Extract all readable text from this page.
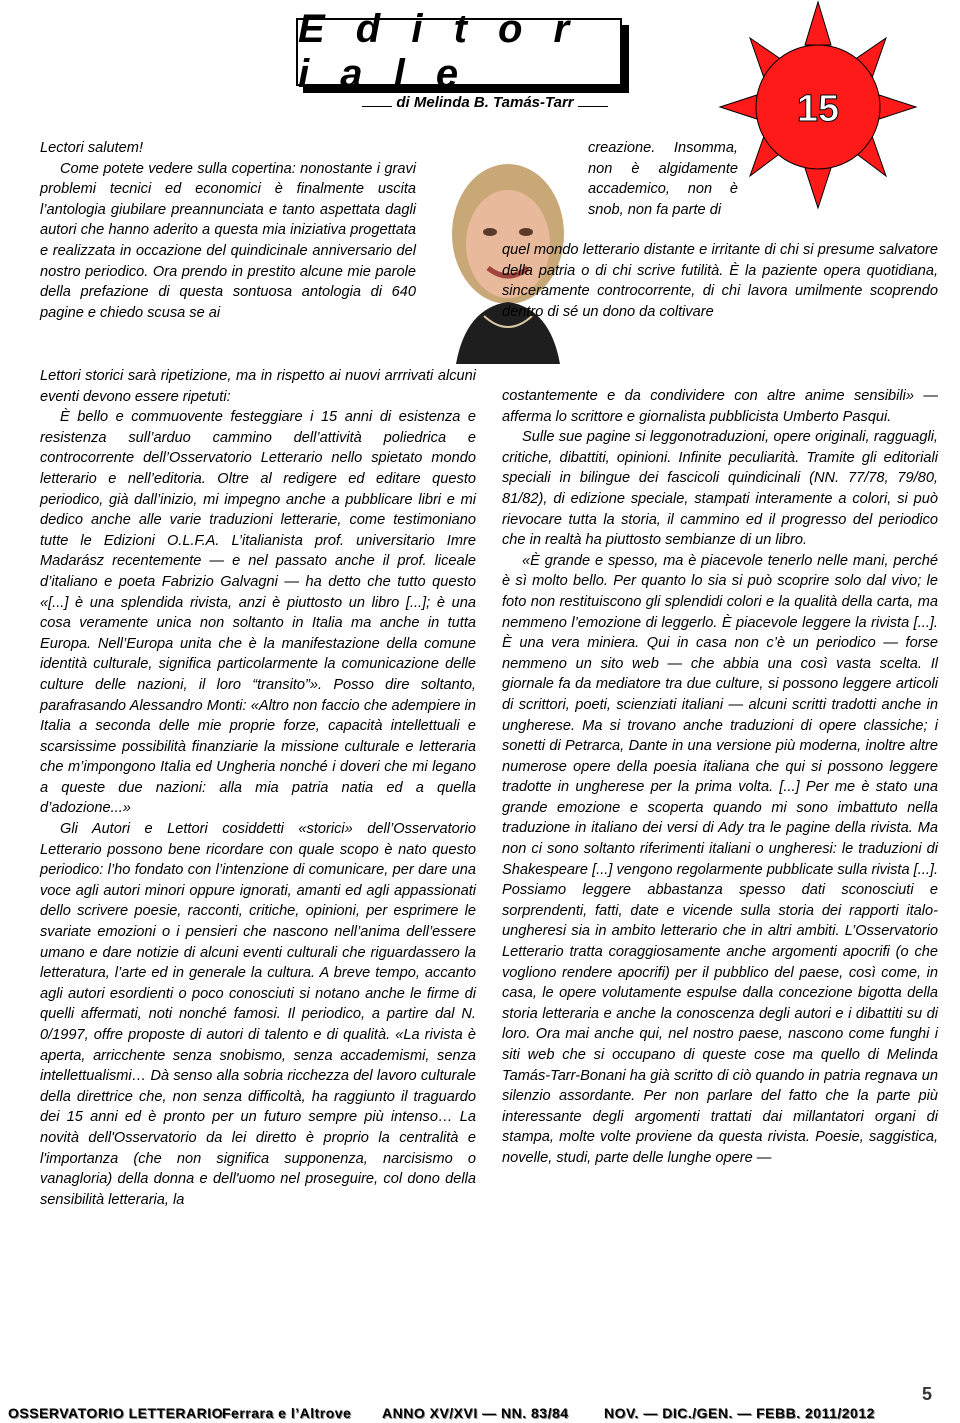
E d i t o r i a l e
di Melinda B. Tamás-Tarr	15

Lectori salutem!

Come potete vedere sulla copertina: nonostante i gravi problemi tecnici ed economici è finalmente uscita l’antologia giubilare preannunciata e tanto aspettata dagli autori che hanno aderito a questa mia iniziativa progettata e realizzata in occazione del quindicinale anniversario del nostro periodico. Ora prendo in prestito alcune mie parole della prefazione di questa sontuosa antologia di 640 pagine e chiedo scusa se ai

Lettori storici sarà ripetizione, ma in rispetto ai nuovi arrrivati alcuni eventi devono essere ripetuti:

È bello e commuovente festeggiare i 15 anni di esistenza e resistenza sull’arduo cammino dell’attività poliedrica e controcorrente dell’Osservatorio Letterario nello spietato mondo letterario e nell’editoria. Oltre al redigere ed editare questo periodico, già dall’inizio, mi impegno anche a pubblicare libri e mi dedico anche alle varie traduzioni letterarie, come testimoniano tutte le Edizioni O.L.F.A. L’italianista prof. universitario Imre Madarász recentemente — e nel passato anche il prof. liceale d’italiano e poeta Fabrizio Galvagni — ha detto che tutto questo «[...] è una splendida rivista, anzi è piuttosto un libro [...]; è una cosa veramente unica non soltanto in Italia ma anche in tutta Europa. Nell’Europa unita che è la manifestazione della comune identità culturale, significa particolarmente la comunicazione delle culture delle nazioni, il loro “transito”». Posso dire soltanto, parafrasando Alessandro Monti: «Altro non faccio che adempiere in Italia a seconda delle mie proprie forze, capacità intellettuali e scarsissime possibilità finanziarie la missione culturale e letteraria che m’impongono Italia ed Ungheria nonché i doveri che mi legano a queste due nazioni: alla mia patria natia ed a quella d’adozione...»

Gli Autori e Lettori cosiddetti «storici» dell’Osservatorio Letterario possono bene ricordare con quale scopo è nato questo periodico: l’ho fondato con l’intenzione di comunicare, per dare una voce agli autori minori oppure ignorati, amanti ed agli appassionati dello scrivere poesie, racconti, critiche, opinioni, per esprimere le svariate emozioni o i pensieri che nascono nell’anima dell’essere umano e dare notizie di alcuni eventi culturali che riguardassero la letteratura, l’arte ed in generale la cultura. A breve tempo, accanto agli autori esordienti o poco conosciuti si notano anche le firme di quelli affermati, noti nonché famosi. Il periodico, a partire dal N. 0/1997, offre proposte di autori di talento e di qualità. «La rivista è aperta, arricchente senza snobismo, senza accademismi, senza intellettualismi… Dà senso alla sobria ricchezza del lavoro culturale della direttrice che, non senza difficoltà, ha raggiunto il traguardo dei 15 anni ed è pronto per un futuro sempre più intenso… La novità dell'Osservatorio da lei diretto è proprio la centralità e l'importanza (che non significa supponenza, narcisismo o vanagloria) della donna e dell'uomo nel proseguire, col dono della sensibilità letteraria, la

creazione. Insomma, non è algidamente accademico, non è snob, non fa parte di

quel mondo letterario distante e irritante di chi si presume salvatore della patria o di chi scrive futilità. È la paziente opera quotidiana, sinceramente controcorrente, di chi lavora umilmente scoprendo dentro di sé un dono da coltivare

costantemente e da condividere con altre anime sensibili» — afferma lo scrittore e giornalista pubblicista Umberto Pasqui.

Sulle sue pagine si leggonotraduzioni, opere originali, ragguagli, critiche, dibattiti, opinioni. Infinite peculiarità. Tramite gli editoriali speciali in bilingue dei fascicoli quindicinali (NN. 77/78, 79/80, 81/82), di edizione speciale, stampati interamente a colori, si può rievocare tutta la storia, il cammino ed il progresso del periodico che in realtà ha piuttosto sembianze di un libro.

«È grande e spesso, ma è piacevole tenerlo nelle mani, perché è sì molto bello. Per quanto lo sia si può scoprire solo dal vivo; le foto non restituiscono gli splendidi colori e la qualità della carta, ma nemmeno l’emozione di leggerlo. È piacevole leggere la rivista [...]. È una vera miniera. Qui in casa non c’è un periodico — forse nemmeno un sito web — che abbia una così vasta scelta. Il giornale fa da mediatore tra due culture, si possono leggere articoli di scrittori, poeti, scienziati italiani — alcuni scritti tradotti anche in ungherese. Ma si trovano anche traduzioni di opere classiche; i sonetti di Petrarca, Dante in una versione più moderna, inoltre altre numerose opere della poesia italiana che qui si possono leggere tradotte in ungherese per la prima volta. [...] Per me è stato una grande emozione e scoperta quando mi sono imbattuto nella traduzione in italiano dei versi di Ady tra le pagine della rivista. Ma non ci sono soltanto riferimenti italiani o ungheresi: le traduzioni di Shakespeare [...] vengono regolarmente pubblicate sulla rivista [...]. Possiamo leggere abbastanza spesso dati sconosciuti e sorprendenti, fatti, date e vicende sulla storia dei rapporti italo-ungheresi sia in ambito letterario che in altri ambiti. L’Osservatorio Letterario tratta coraggiosamente anche argomenti apocrifi (o che vogliono rendere apocrifi) per il pubblico del paese, così come, in casa, le opere volutamente espulse dalla concezione bigotta della storia letteraria e anche la conoscenza degli autori e i dibattiti su di loro. Ora mai anche qui, nel nostro paese, nascono come funghi i siti web che si occupano di queste cose ma quello di Melinda Tamás-Tarr-Bonani ha già scritto di ciò quando in patria regnava un silenzio assordante. Per non parlare del fatto che la parte più interessante degli argomenti trattati dai millantatori organi di stampa, molte volte proviene da questa rivista. Poesie, saggistica, novelle, studi, parte delle lunghe opere —

OSSERVATORIO LETTERARIO
Ferrara e l’Altrove ANNO XV/XVI — NN. 83/84	NOV. — DIC./GEN. — FEBB. 2011/2012
5
